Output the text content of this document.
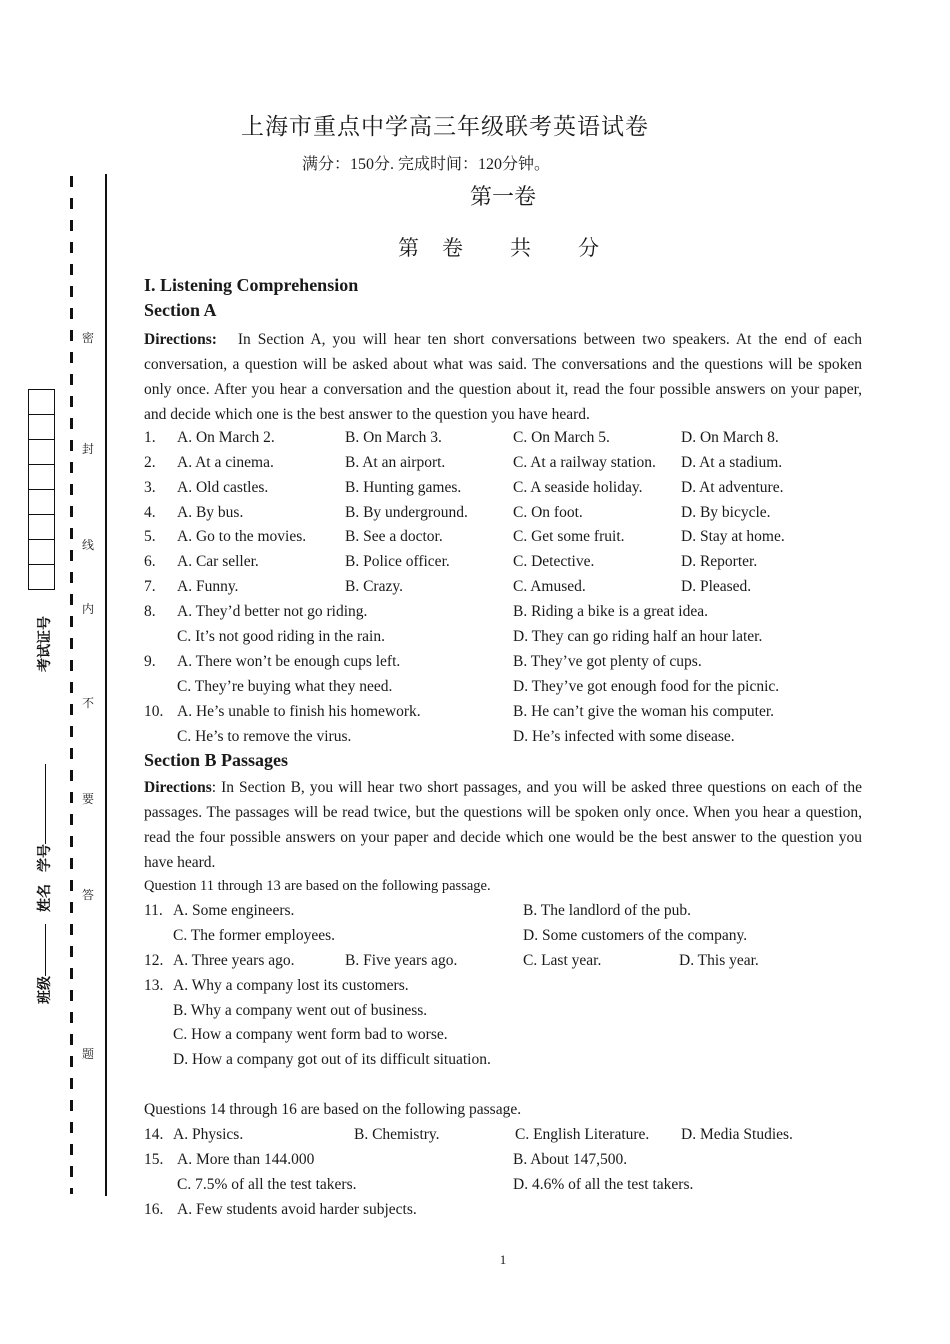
上海市重点中学高三年级联考英语试卷
满分：150分. 完成时间：120分钟。
第一卷
第 卷 共 分
密
封
线
内
不
要
答
题
考试证号
学号
姓名
班级
I. Listening Comprehension
Section A
Directions: In Section A, you will hear ten short conversations between two speakers. At the end of each conversation, a question will be asked about what was said. The conversations and the questions will be spoken only once. After you hear a conversation and the question about it, read the four possible answers on your paper, and decide which one is the best answer to the question you have heard.
1. A. On March 2.	B. On March 3.	C. On March 5.	D. On March 8.
2. A. At a cinema.	B. At an airport.	C. At a railway station. D. At a stadium.
3. A. Old castles.	B. Hunting games.	C. A seaside holiday. D. At adventure.
4. A. By bus.	B. By underground.	C. On foot.	D. By bicycle.
5. A. Go to the movies.	B. See a doctor.	C. Get some fruit.	D. Stay at home.
6. A. Car seller.	B. Police officer.	C. Detective.	D. Reporter.
7. A. Funny.	B. Crazy.	C. Amused.	D. Pleased.
8. A. They’d better not go riding.	B. Riding a bike is a great idea.
C. It’s not good riding in the rain.	D. They can go riding half an hour later.
9. A. There won’t be enough cups left.	B. They’ve got plenty of cups.
C. They’re buying what they need.	D. They’ve got enough food for the picnic.
10. A. He’s unable to finish his homework.	B. He can’t give the woman his computer.
C. He’s to remove the virus.	D. He’s infected with some disease.
Section B Passages
Directions: In Section B, you will hear two short passages, and you will be asked three questions on each of the passages. The passages will be read twice, but the questions will be spoken only once. When you hear a question, read the four possible answers on your paper and decide which one would be the best answer to the question you have heard.
Question 11 through 13 are based on the following passage.
11. A. Some engineers.	B. The landlord of the pub.
C. The former employees.	D. Some customers of the company.
12. A. Three years ago.	B. Five years ago.	C. Last year.	D. This year.
13. A. Why a company lost its customers.
B. Why a company went out of business.
C. How a company went form bad to worse.
D. How a company got out of its difficult situation.
Questions 14 through 16 are based on the following passage.
14. A. Physics.	B. Chemistry.	C. English Literature. D. Media Studies.
15. A. More than 144.000	B. About 147,500.
C. 7.5% of all the test takers.	D. 4.6% of all the test takers.
16. A. Few students avoid harder subjects.
1
